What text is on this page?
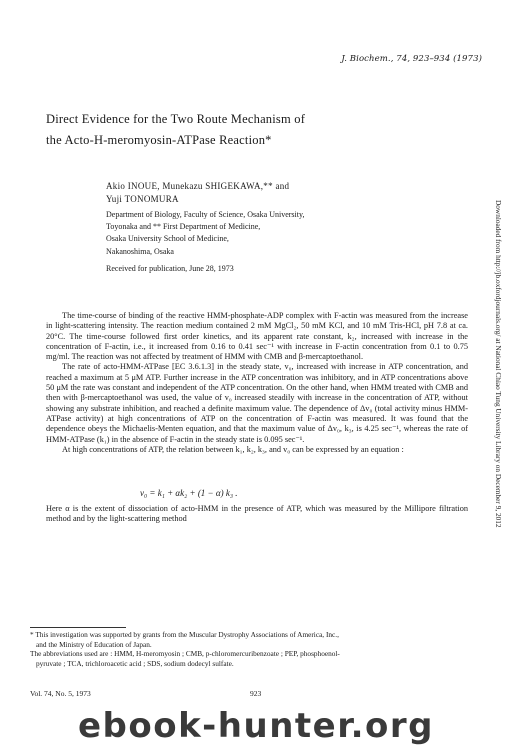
J. Biochem., 74, 923–934 (1973)
Direct Evidence for the Two Route Mechanism of
the Acto-H-meromyosin-ATPase Reaction*
Akio INOUE, Munekazu SHIGEKAWA,** and
Yuji TONOMURA
Department of Biology, Faculty of Science, Osaka University,
Toyonaka and ** First Department of Medicine,
Osaka University School of Medicine,
Nakanoshima, Osaka
Received for publication, June 28, 1973

The time-course of binding of the reactive HMM-phosphate-ADP complex with F-actin was measured from the increase in light-scattering intensity. The reaction medium contained 2 mM MgCl₂, 50 mM KCl, and 10 mM Tris-HCl, pH 7.8 at ca. 20°C. The time-course followed first order kinetics, and its apparent rate constant, k₂, increased with increase in the concentration of F-actin, i.e., it increased from 0.16 to 0.41 sec⁻¹ with increase in F-actin concentration from 0.1 to 0.75 mg/ml. The reaction was not affected by treatment of HMM with CMB and β-mercaptoethanol.

The rate of acto-HMM-ATPase [EC 3.6.1.3] in the steady state, v₀, increased with increase in ATP concentration, and reached a maximum at 5 μM ATP. Further increase in the ATP concentration was inhibitory, and in ATP concentrations above 50 μM the rate was constant and independent of the ATP concentration. On the other hand, when HMM treated with CMB and then with β-mercaptoethanol was used, the value of v₀ increased steadily with increase in the concentration of ATP, without showing any substrate inhibition, and reached a definite maximum value. The dependence of Δv₀ (total activity minus HMM-ATPase activity) at high concentrations of ATP on the concentration of F-actin was measured. It was found that the dependence obeys the Michaelis-Menten equation, and that the maximum value of Δv₀, k₃, is 4.25 sec⁻¹, whereas the rate of HMM-ATPase (k₁) in the absence of F-actin in the steady state is 0.095 sec⁻¹.

At high concentrations of ATP, the relation between k₁, k₂, k₃, and v₀ can be expressed by an equation :

v₀ = k₁ + αk₂ + (1 − α) k₃ .

Here α is the extent of dissociation of acto-HMM in the presence of ATP, which was measured by the Millipore filtration method and by the light-scattering method

* This investigation was supported by grants from the Muscular Dystrophy Associations of America, Inc.,
and the Ministry of Education of Japan.
The abbreviations used are : HMM, H-meromyosin ; CMB, p-chloromercuribenzoate ; PEP, phosphoenol-
pyruvate ; TCA, trichloroacetic acid ; SDS, sodium dodecyl sulfate.
Vol. 74, No. 5, 1973	923
Downloaded from http://jb.oxfordjournals.org/ at National Chiao Tung University Library on December 9, 2012
ebook-hunter.org
